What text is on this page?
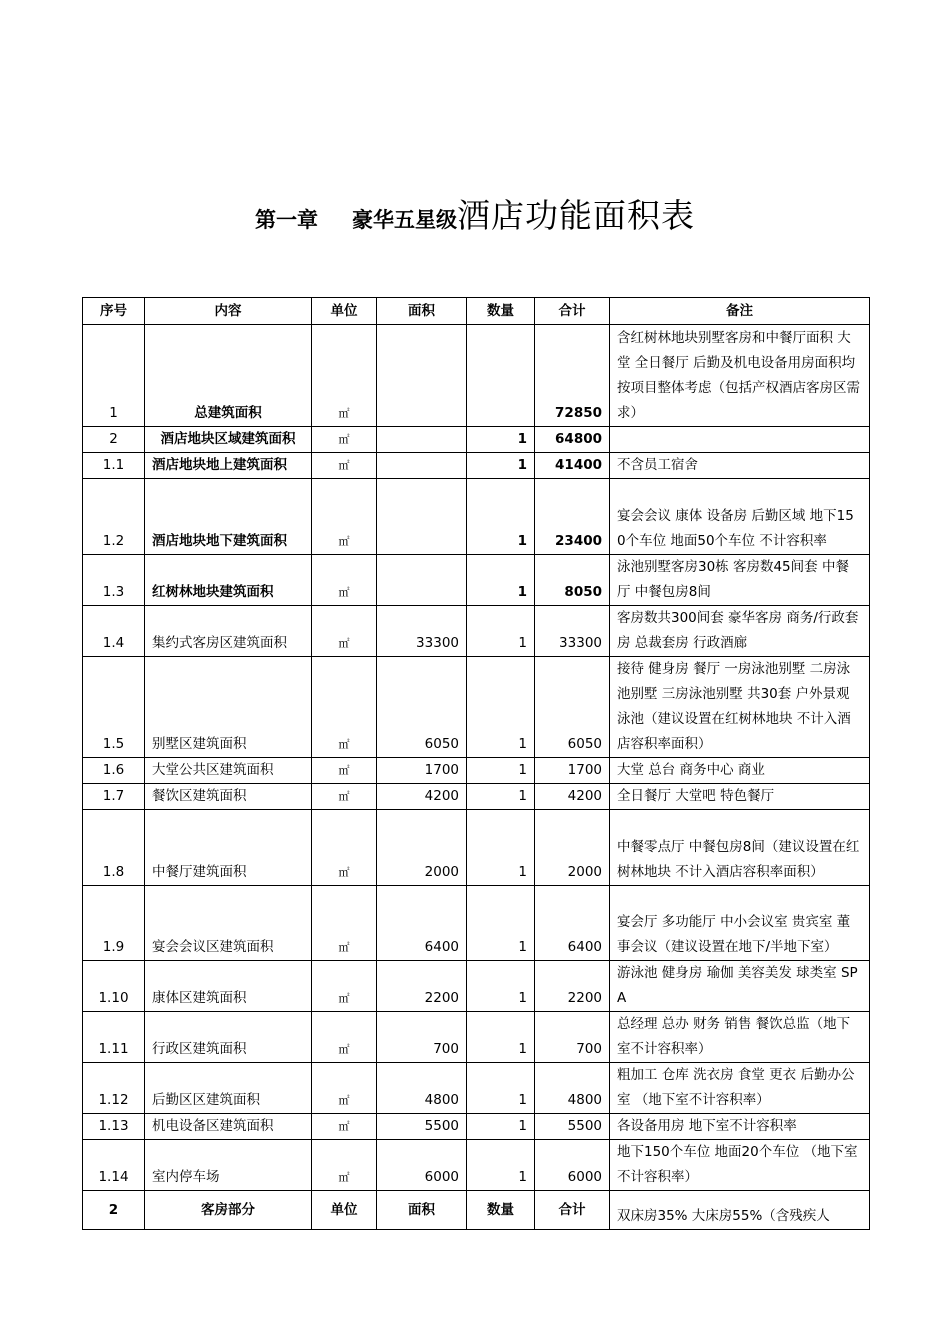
第一章 豪华五星级酒店功能面积表
序号	内容	单位	面积	数量	合计	备注
1	总建筑面积	㎡			72850	含红树林地块别墅客房和中餐厅面积 大堂 全日餐厅 后勤及机电设备用房面积均按项目整体考虑（包括产权酒店客房区需求）
2	酒店地块区域建筑面积	㎡		1	64800	
1.1	酒店地块地上建筑面积	㎡		1	41400	不含员工宿舍
1.2	酒店地块地下建筑面积	㎡		1	23400	宴会会议 康体 设备房 后勤区域 地下150个车位 地面50个车位 不计容积率
1.3	红树林地块建筑面积	㎡		1	8050	泳池别墅客房30栋 客房数45间套 中餐厅 中餐包房8间
1.4	集约式客房区建筑面积	㎡	33300	1	33300	客房数共300间套 豪华客房 商务/行政套房 总裁套房 行政酒廊
1.5	别墅区建筑面积	㎡	6050	1	6050	接待 健身房 餐厅 一房泳池别墅 二房泳池别墅 三房泳池别墅 共30套 户外景观泳池（建议设置在红树林地块 不计入酒店容积率面积）
1.6	大堂公共区建筑面积	㎡	1700	1	1700	大堂 总台 商务中心 商业
1.7	餐饮区建筑面积	㎡	4200	1	4200	全日餐厅 大堂吧 特色餐厅
1.8	中餐厅建筑面积	㎡	2000	1	2000	中餐零点厅 中餐包房8间（建议设置在红树林地块 不计入酒店容积率面积）
1.9	宴会会议区建筑面积	㎡	6400	1	6400	宴会厅 多功能厅 中小会议室 贵宾室 董事会议（建议设置在地下/半地下室）
1.10	康体区建筑面积	㎡	2200	1	2200	游泳池 健身房 瑜伽 美容美发 球类室 SPA
1.11	行政区建筑面积	㎡	700	1	700	总经理 总办 财务 销售 餐饮总监（地下室不计容积率）
1.12	后勤区区建筑面积	㎡	4800	1	4800	粗加工 仓库 洗衣房 食堂 更衣 后勤办公室 （地下室不计容积率）
1.13	机电设备区建筑面积	㎡	5500	1	5500	各设备用房 地下室不计容积率
1.14	室内停车场	㎡	6000	1	6000	地下150个车位 地面20个车位 （地下室不计容积率）
2	客房部分	单位	面积	数量	合计	双床房35% 大床房55%（含残疾人
